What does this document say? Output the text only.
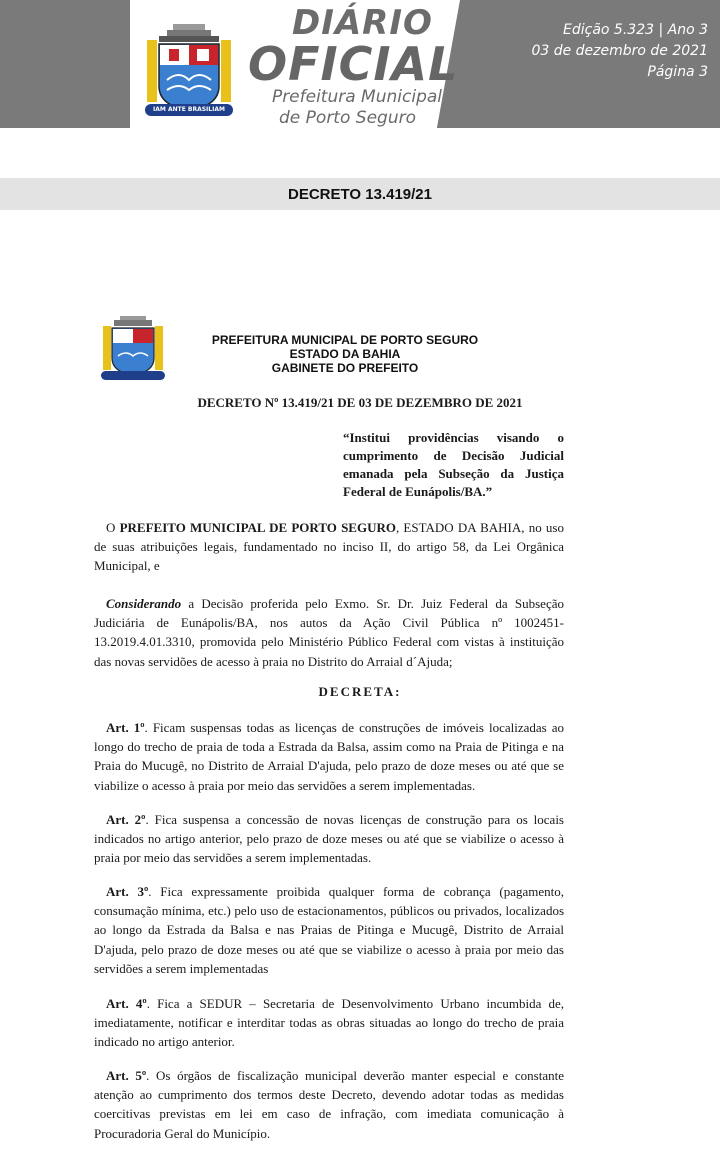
IAM ANTE BRASILIAM ESO
DIÁRIO
OFICIAL
Prefeitura Municipal
de Porto Seguro
Edição 5.323 | Ano 3
03 de dezembro de 2021
Página 3
DECRETO 13.419/21
PREFEITURA MUNICIPAL DE PORTO SEGURO
ESTADO DA BAHIA
GABINETE DO PREFEITO
DECRETO Nº 13.419/21 DE 03 DE DEZEMBRO DE 2021
“Institui providências visando o cumprimento de Decisão Judicial emanada pela Subseção da Justiça Federal de Eunápolis/BA.”
O PREFEITO MUNICIPAL DE PORTO SEGURO, ESTADO DA BAHIA, no uso de suas atribuições legais, fundamentado no inciso II, do artigo 58, da Lei Orgânica Municipal, e
Considerando a Decisão proferida pelo Exmo. Sr. Dr. Juiz Federal da Subseção Judiciária de Eunápolis/BA, nos autos da Ação Civil Pública nº 1002451-13.2019.4.01.3310, promovida pelo Ministério Público Federal com vistas à instituição das novas servidões de acesso à praia no Distrito do Arraial d´Ajuda;
DECRETA:
Art. 1º. Ficam suspensas todas as licenças de construções de imóveis localizadas ao longo do trecho de praia de toda a Estrada da Balsa, assim como na Praia de Pitinga e na Praia do Mucugê, no Distrito de Arraial D'ajuda, pelo prazo de doze meses ou até que se viabilize o acesso à praia por meio das servidões a serem implementadas.
Art. 2º. Fica suspensa a concessão de novas licenças de construção para os locais indicados no artigo anterior, pelo prazo de doze meses ou até que se viabilize o acesso à praia por meio das servidões a serem implementadas.
Art. 3º. Fica expressamente proibida qualquer forma de cobrança (pagamento, consumação mínima, etc.) pelo uso de estacionamentos, públicos ou privados, localizados ao longo da Estrada da Balsa e nas Praias de Pitinga e Mucugê, Distrito de Arraial D'ajuda, pelo prazo de doze meses ou até que se viabilize o acesso à praia por meio das servidões a serem implementadas
Art. 4º. Fica a SEDUR – Secretaria de Desenvolvimento Urbano incumbida de, imediatamente, notificar e interditar todas as obras situadas ao longo do trecho de praia indicado no artigo anterior.
Art. 5º. Os órgãos de fiscalização municipal deverão manter especial e constante atenção ao cumprimento dos termos deste Decreto, devendo adotar todas as medidas coercitivas previstas em lei em caso de infração, com imediata comunicação à Procuradoria Geral do Município.
